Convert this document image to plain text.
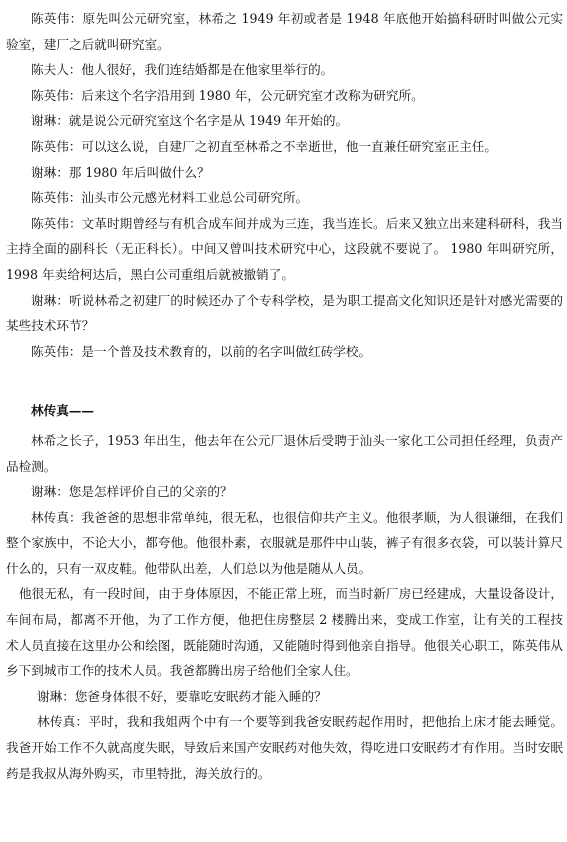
陈英伟：原先叫公元研究室，林希之 1949 年初或者是 1948 年底他开始搞科研时叫做公元实验室，建厂之后就叫研究室。

陈夫人：他人很好，我们连结婚都是在他家里举行的。

陈英伟：后来这个名字沿用到 1980 年，公元研究室才改称为研究所。

谢琳：就是说公元研究室这个名字是从 1949 年开始的。

陈英伟：可以这么说，自建厂之初直至林希之不幸逝世，他一直兼任研究室正主任。

谢琳：那 1980 年后叫做什么？

陈英伟：汕头市公元感光材料工业总公司研究所。

陈英伟：文革时期曾经与有机合成车间并成为三连，我当连长。后来又独立出来建科研科，我当主持全面的副科长（无正科长）。中间又曾叫技术研究中心，这段就不要说了。 1980 年叫研究所，1998 年卖给柯达后，黑白公司重组后就被撤销了。

谢琳：听说林希之初建厂的时候还办了个专科学校，是为职工提高文化知识还是针对感光需要的某些技术环节？

陈英伟：是一个普及技术教育的，以前的名字叫做红砖学校。

林传真——

林希之长子，1953 年出生，他去年在公元厂退休后受聘于汕头一家化工公司担任经理，负责产品检测。

谢琳：您是怎样评价自己的父亲的？

林传真：我爸爸的思想非常单纯，很无私，也很信仰共产主义。他很孝顺，为人很谦细，在我们整个家族中，不论大小，都夸他。他很朴素，衣服就是那件中山装，裤子有很多衣袋，可以装计算尺什么的，只有一双皮鞋。他带队出差，人们总以为他是随从人员。

他很无私，有一段时间，由于身体原因，不能正常上班，而当时新厂房已经建成，大量设备设计，车间布局，都离不开他，为了工作方便，他把住房整层 2 楼腾出来，变成工作室，让有关的工程技术人员直接在这里办公和绘图，既能随时沟通，又能随时得到他亲自指导。他很关心职工，陈英伟从乡下到城市工作的技术人员。我爸都腾出房子给他们全家人住。

谢琳：您爸身体很不好，要靠吃安眠药才能入睡的？

林传真：平时，我和我姐两个中有一个要等到我爸安眠药起作用时，把他抬上床才能去睡觉。我爸开始工作不久就高度失眠，导致后来国产安眠药对他失效，得吃进口安眠药才有作用。当时安眠药是我叔从海外购买，市里特批，海关放行的。
